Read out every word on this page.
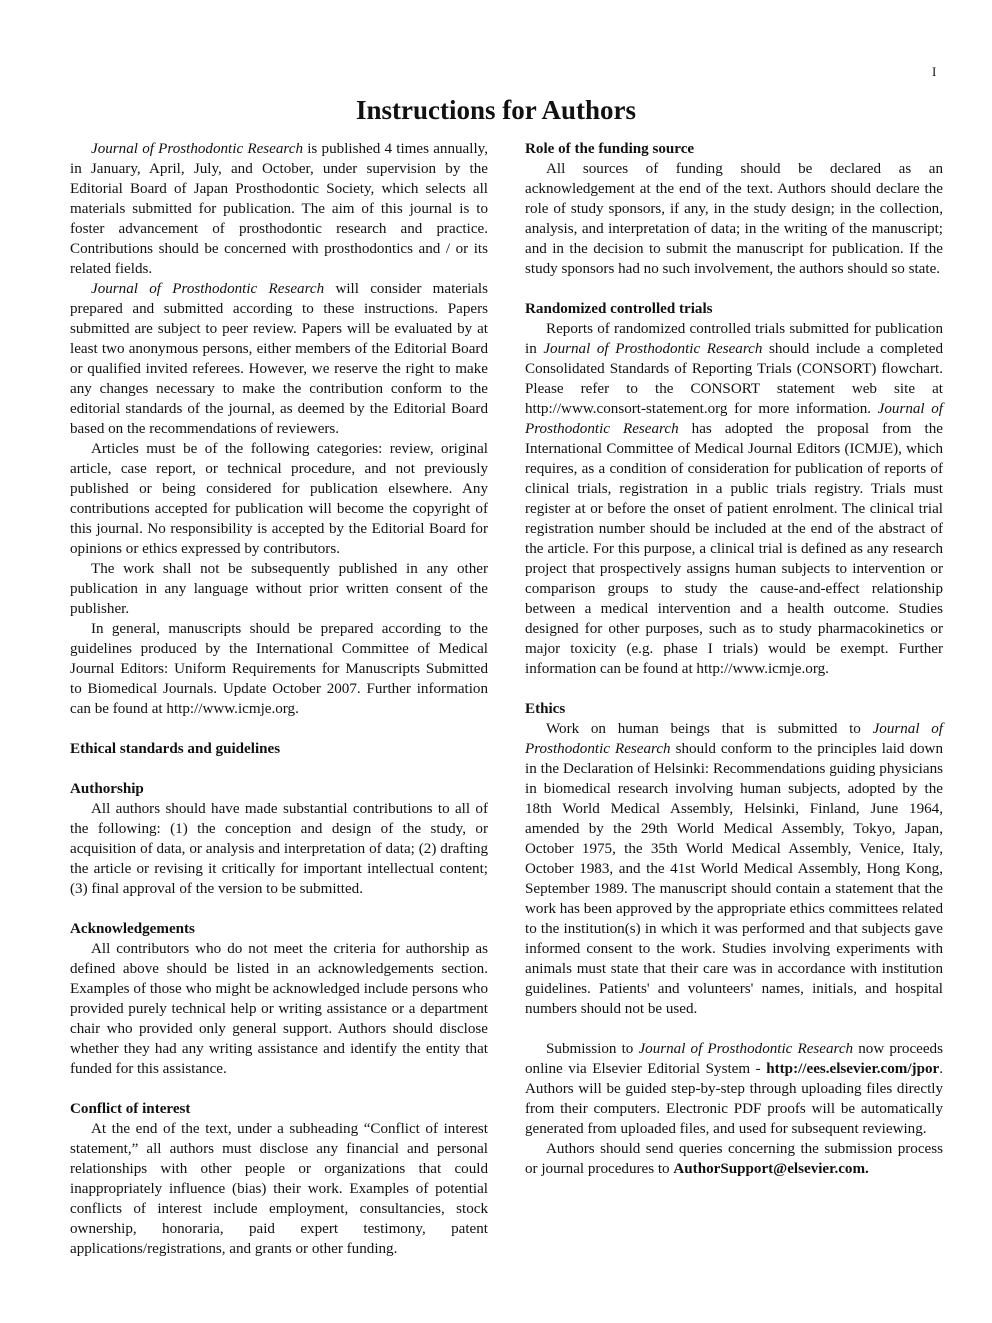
I
Instructions for Authors

Journal of Prosthodontic Research is published 4 times annually, in January, April, July, and October, under supervision by the Editorial Board of Japan Prosthodontic Society, which selects all materials submitted for publication. The aim of this journal is to foster advancement of prosthodontic research and practice. Contributions should be concerned with prosthodontics and / or its related fields.

Journal of Prosthodontic Research will consider materials prepared and submitted according to these instructions. Papers submitted are subject to peer review. Papers will be evaluated by at least two anonymous persons, either members of the Editorial Board or qualified invited referees. However, we reserve the right to make any changes necessary to make the contribution conform to the editorial standards of the journal, as deemed by the Editorial Board based on the recommendations of reviewers.

Articles must be of the following categories: review, original article, case report, or technical procedure, and not previously published or being considered for publication elsewhere. Any contributions accepted for publication will become the copyright of this journal. No responsibility is accepted by the Editorial Board for opinions or ethics expressed by contributors.

The work shall not be subsequently published in any other publication in any language without prior written consent of the publisher.

In general, manuscripts should be prepared according to the guidelines produced by the International Committee of Medical Journal Editors: Uniform Requirements for Manuscripts Submitted to Biomedical Journals. Update October 2007. Further information can be found at http://www.icmje.org.

Ethical standards and guidelines
Authorship

All authors should have made substantial contributions to all of the following: (1) the conception and design of the study, or acquisition of data, or analysis and interpretation of data; (2) drafting the article or revising it critically for important intellectual content; (3) final approval of the version to be submitted.

Acknowledgements

All contributors who do not meet the criteria for authorship as defined above should be listed in an acknowledgements section. Examples of those who might be acknowledged include persons who provided purely technical help or writing assistance or a department chair who provided only general support. Authors should disclose whether they had any writing assistance and identify the entity that funded for this assistance.

Conflict of interest

At the end of the text, under a subheading “Conflict of interest statement,” all authors must disclose any financial and personal relationships with other people or organizations that could inappropriately influence (bias) their work. Examples of potential conflicts of interest include employment, consultancies, stock ownership, honoraria, paid expert testimony, patent applications/registrations, and grants or other funding.

Role of the funding source

All sources of funding should be declared as an acknowledgement at the end of the text. Authors should declare the role of study sponsors, if any, in the study design; in the collection, analysis, and interpretation of data; in the writing of the manuscript; and in the decision to submit the manuscript for publication. If the study sponsors had no such involvement, the authors should so state.

Randomized controlled trials

Reports of randomized controlled trials submitted for publication in Journal of Prosthodontic Research should include a completed Consolidated Standards of Reporting Trials (CONSORT) flowchart. Please refer to the CONSORT statement web site at http://www.consort-statement.org for more information. Journal of Prosthodontic Research has adopted the proposal from the International Committee of Medical Journal Editors (ICMJE), which requires, as a condition of consideration for publication of reports of clinical trials, registration in a public trials registry. Trials must register at or before the onset of patient enrolment. The clinical trial registration number should be included at the end of the abstract of the article. For this purpose, a clinical trial is defined as any research project that prospectively assigns human subjects to intervention or comparison groups to study the cause-and-effect relationship between a medical intervention and a health outcome. Studies designed for other purposes, such as to study pharmacokinetics or major toxicity (e.g. phase I trials) would be exempt. Further information can be found at http://www.icmje.org.

Ethics

Work on human beings that is submitted to Journal of Prosthodontic Research should conform to the principles laid down in the Declaration of Helsinki: Recommendations guiding physicians in biomedical research involving human subjects, adopted by the 18th World Medical Assembly, Helsinki, Finland, June 1964, amended by the 29th World Medical Assembly, Tokyo, Japan, October 1975, the 35th World Medical Assembly, Venice, Italy, October 1983, and the 41st World Medical Assembly, Hong Kong, September 1989. The manuscript should contain a statement that the work has been approved by the appropriate ethics committees related to the institution(s) in which it was performed and that subjects gave informed consent to the work. Studies involving experiments with animals must state that their care was in accordance with institution guidelines. Patients' and volunteers' names, initials, and hospital numbers should not be used.

Submission to Journal of Prosthodontic Research now proceeds online via Elsevier Editorial System - http://ees.elsevier.com/jpor. Authors will be guided step-by-step through uploading files directly from their computers. Electronic PDF proofs will be automatically generated from uploaded files, and used for subsequent reviewing.

Authors should send queries concerning the submission process or journal procedures to AuthorSupport@elsevier.com.
